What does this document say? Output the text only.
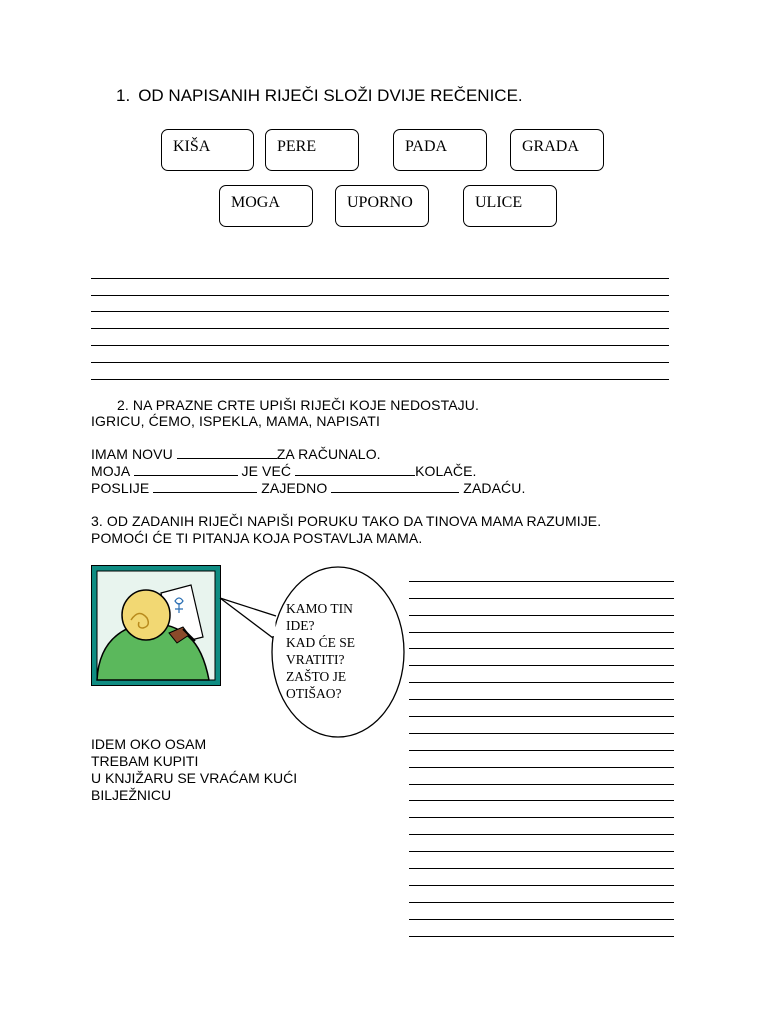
1. OD NAPISANIH RIJEČI SLOŽI DVIJE REČENICE.
KIŠA	PERE	PADA	GRADA
MOGA	UPORNO	ULICE
2. NA PRAZNE CRTE UPIŠI RIJEČI KOJE NEDOSTAJU.
IGRICU, ĆEMO, ISPEKLA, MAMA, NAPISATI
IMAM NOVU	ZA RAČUNALO.
MOJA	JE VEĆ	KOLAČE.
POSLIJE	ZAJEDNO	ZADAĆU.
3. OD ZADANIH RIJEČI NAPIŠI PORUKU TAKO DA TINOVA MAMA RAZUMIJE.
POMOĆI ĆE TI PITANJA KOJA POSTAVLJA MAMA.
KAMO TIN
IDE?
KAD ĆE SE
VRATITI?
ZAŠTO JE
OTIŠAO?
IDEM OKO OSAM
TREBAM KUPITI
U KNJIŽARU SE VRAĆAM KUĆI
BILJEŽNICU
